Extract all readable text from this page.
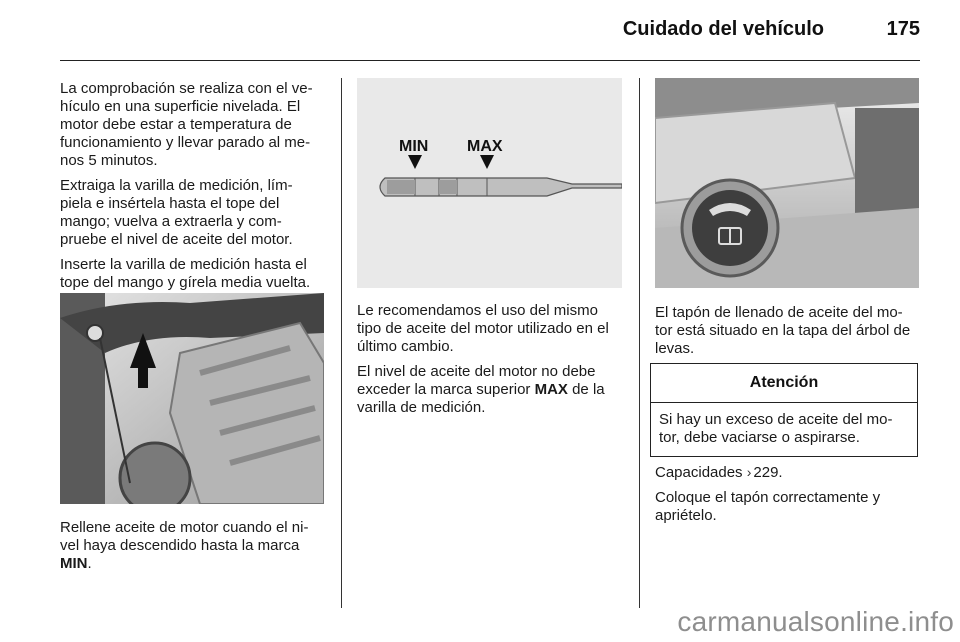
Cuidado del vehículo	175

La comprobación se realiza con el ve-
hículo en una superficie nivelada. El
motor debe estar a temperatura de
funcionamiento y llevar parado al me-
nos 5 minutos.

Extraiga la varilla de medición, lím-
piela e insértela hasta el tope del
mango; vuelva a extraerla y com-
pruebe el nivel de aceite del motor.

Inserte la varilla de medición hasta el
tope del mango y gírela media vuelta.

Rellene aceite de motor cuando el ni-
vel haya descendido hasta la marca
MIN.

MIN MAX

Le recomendamos el uso del mismo
tipo de aceite del motor utilizado en el
último cambio.

El nivel de aceite del motor no debe
exceder la marca superior MAX de la
varilla de medición.

El tapón de llenado de aceite del mo-
tor está situado en la tapa del árbol de
levas.

Atención
Si hay un exceso de aceite del mo-
tor, debe vaciarse o aspirarse.

Capacidades › 229.

Coloque el tapón correctamente y
apriételo.

carmanualsonline.info
